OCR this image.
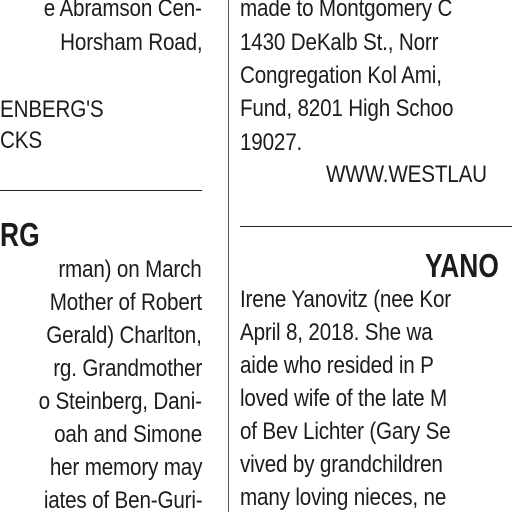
e Abramson Cen-
Horsham Road,
ENBERG'S
CKS
RG
rman) on March
Mother of Robert
Gerald) Charlton,
rg. Grandmother
o Steinberg, Dani-
oah and Simone
her memory may
iates of Ben-Guri-
made to Montgomery C
1430 DeKalb St., Norr
Congregation Kol Ami,
Fund, 8201 High Schoo
19027.
WWW.WESTLAU
YANO
Irene Yanovitz (nee Kor
April 8, 2018. She wa
aide who resided in P
loved wife of the late M
of Bev Lichter (Gary Se
vived by grandchildren
many loving nieces, ne
